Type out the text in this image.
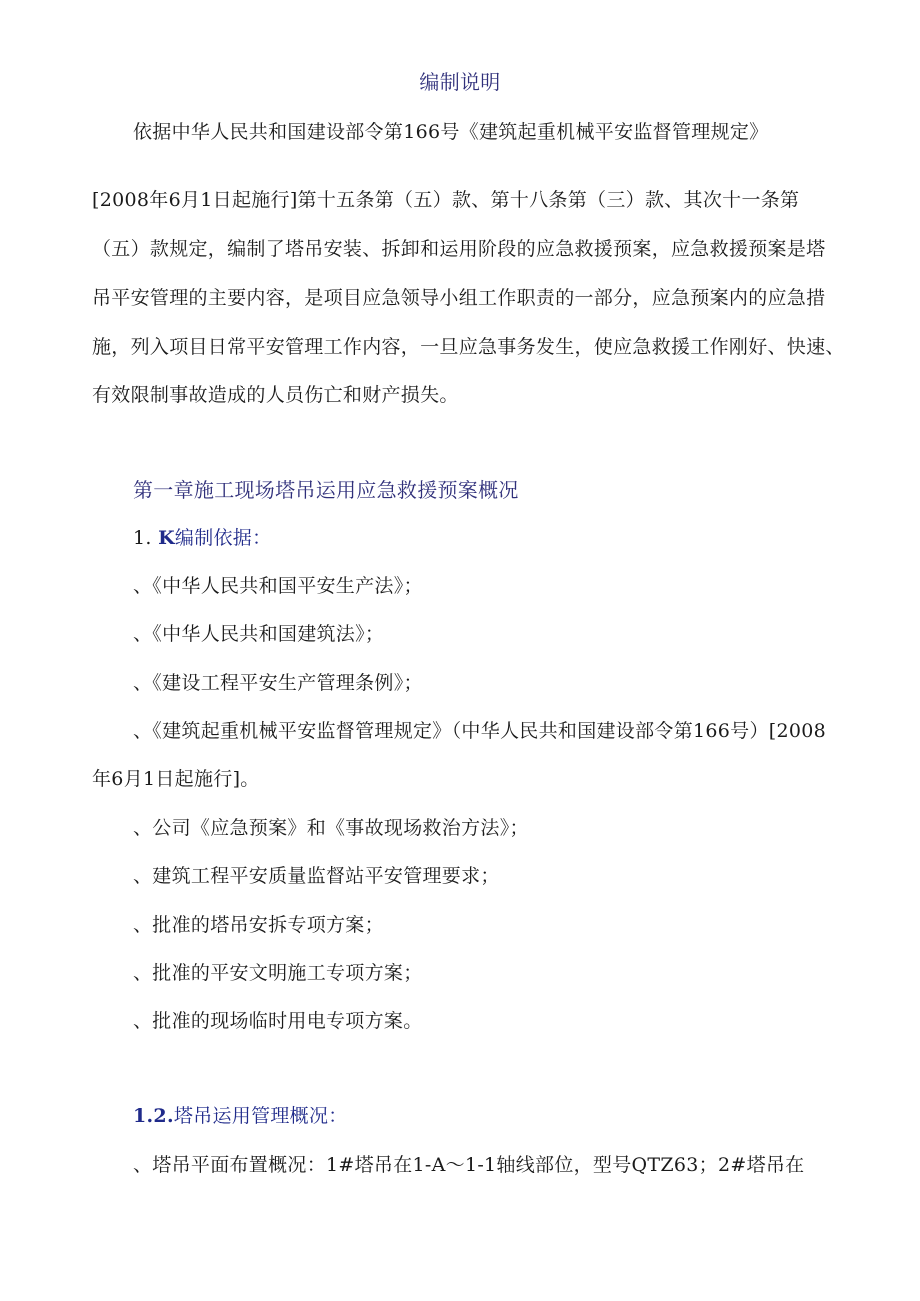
编制说明
依据中华人民共和国建设部令第166号《建筑起重机械平安监督管理规定》
[2008年6月1日起施行]第十五条第（五）款、第十八条第（三）款、其次十一条第
（五）款规定，编制了塔吊安装、拆卸和运用阶段的应急救援预案，应急救援预案是塔
吊平安管理的主要内容，是项目应急领导小组工作职责的一部分，应急预案内的应急措
施，列入项目日常平安管理工作内容，一旦应急事务发生，使应急救援工作刚好、快速、
有效限制事故造成的人员伤亡和财产损失。
第一章施工现场塔吊运用应急救援预案概况
1. K编制依据：
、《中华人民共和国平安生产法》；
、《中华人民共和国建筑法》；
、《建设工程平安生产管理条例》；
、《建筑起重机械平安监督管理规定》（中华人民共和国建设部令第166号）[2008
年6月1日起施行]。
、公司《应急预案》和《事故现场救治方法》；
、建筑工程平安质量监督站平安管理要求；
、批准的塔吊安拆专项方案；
、批准的平安文明施工专项方案；
、批准的现场临时用电专项方案。
1.2.塔吊运用管理概况：
、塔吊平面布置概况：1#塔吊在1-A～1-1轴线部位，型号QTZ63；2#塔吊在
